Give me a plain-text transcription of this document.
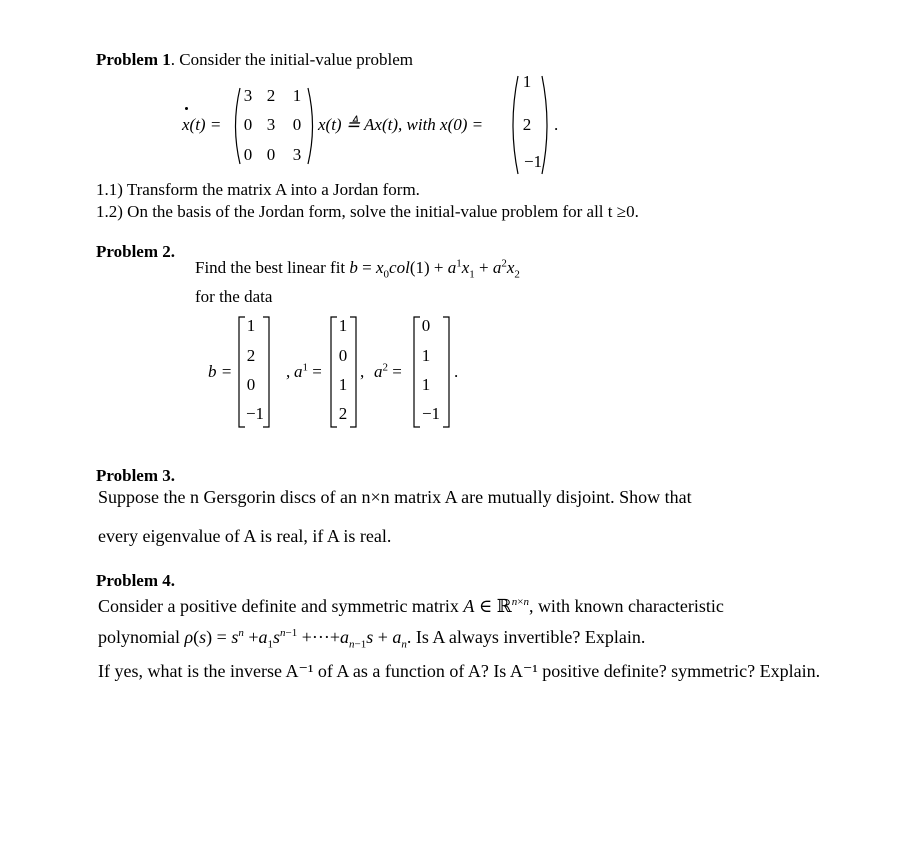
Problem 1. Consider the initial-value problem
x(t) =
3 2 1
0 3 0
0 0 3
x(t) ≜ Ax(t), with x(0) =
1
2
−1
.
1.1) Transform the matrix A into a Jordan form.
1.2) On the basis of the Jordan form, solve the initial-value problem for all t ≥0.
Problem 2.
Find the best linear fit $b = x_0col(1) + a^1x_1 + a^2x_2$
for the data
b =
1
2
0
−1
, $a^1$ =
1
0
1
2
, $a^2$ =
0
1
1
−1
.
Problem 3.
Suppose the n Gersgorin discs of an n×n matrix A are mutually disjoint. Show that
every eigenvalue of A is real, if A is real.
Problem 4.
Consider a positive definite and symmetric matrix A ∈ ℝ$^{n\times n}$, with known characteristic
polynomial $\rho(s) = s^n +a_1s^{n-1} +\cdot\cdot\cdot+a_{n-1}s + a_n$. Is A always invertible? Explain.
If yes, what is the inverse A⁻¹ of A as a function of A? Is A⁻¹ positive definite? symmetric? Explain.
